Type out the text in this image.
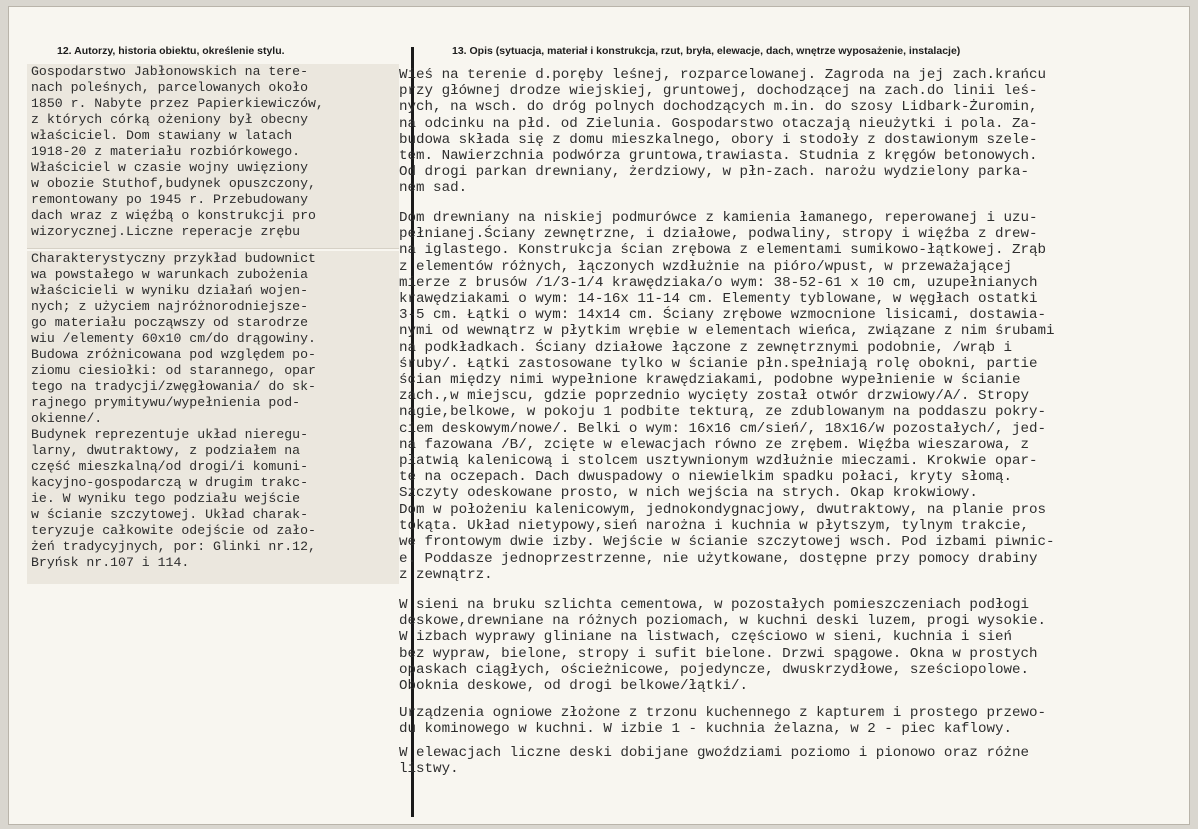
12. Autorzy, historia obiektu, określenie stylu.	13. Opis (sytuacja, materiał i konstrukcja, rzut, bryła, elewacje, dach, wnętrze wyposażenie, instalacje)

Gospodarstwo Jabłonowskich na tere-
nach poleśnych, parcelowanych około
1850 r. Nabyte przez Papierkiewiczów,
z których córką ożeniony był obecny
właściciel. Dom stawiany w latach
1918-20 z materiału rozbiórkowego.
Właściciel w czasie wojny uwięziony
w obozie Stuthof,budynek opuszczony,
remontowany po 1945 r. Przebudowany
dach wraz z więźbą o konstrukcji pro
wizorycznej.Liczne reperacje zrębu

Charakterystyczny przykład budownict
wa powstałego w warunkach zubożenia
właścicieli w wyniku działań wojen-
nych; z użyciem najróżnorodniejsze-
go materiału począwszy od starodrze
wiu /elementy 60x10 cm/do drągowiny.
Budowa zróżnicowana pod względem po-
ziomu ciesiołki: od starannego, opar
tego na tradycji/zwęgłowania/ do sk-
rajnego prymitywu/wypełnienia pod-
okienne/.
Budynek reprezentuje układ nieregu-
larny, dwutraktowy, z podziałem na
część mieszkalną/od drogi/i komuni-
kacyjno-gospodarczą w drugim trakc-
ie. W wyniku tego podziału wejście
w ścianie szczytowej. Układ charak-
teryzuje całkowite odejście od zało-
żeń tradycyjnych, por: Glinki nr.12,
Bryńsk nr.107 i 114.

Wieś na terenie d.poręby leśnej, rozparcelowanej. Zagroda na jej zach.krańcu
przy głównej drodze wiejskiej, gruntowej, dochodzącej na zach.do linii leś-
nych, na wsch. do dróg polnych dochodzących m.in. do szosy Lidbark-Żuromin,
na odcinku na płd. od Zielunia. Gospodarstwo otaczają nieużytki i pola. Za-
budowa składa się z domu mieszkalnego, obory i stodoły z dostawionym szele-
tem. Nawierzchnia podwórza gruntowa,trawiasta. Studnia z kręgów betonowych.
Od drogi parkan drewniany, żerdziowy, w płn-zach. narożu wydzielony parka-
nem sad.

Dom drewniany na niskiej podmurówce z kamienia łamanego, reperowanej i uzu-
pełnianej.Ściany zewnętrzne, i działowe, podwaliny, stropy i więźba z drew-
na iglastego. Konstrukcja ścian zrębowa z elementami sumikowo-łątkowej. Zrąb
z elementów różnych, łączonych wzdłużnie na pióro/wpust, w przeważającej
mierze z brusów /1/3-1/4 krawędziaka/o wym: 38-52-61 x 10 cm, uzupełnianych
krawędziakami o wym: 14-16x 11-14 cm. Elementy tyblowane, w węgłach ostatki
3-5 cm. Łątki o wym: 14x14 cm. Ściany zrębowe wzmocnione lisicami, dostawia-
nymi od wewnątrz w płytkim wrębie w elementach wieńca, związane z nim śrubami
na podkładkach. Ściany działowe łączone z zewnętrznymi podobnie, /wrąb i
śruby/. Łątki zastosowane tylko w ścianie płn.spełniają rolę obokni, partie
ścian między nimi wypełnione krawędziakami, podobne wypełnienie w ścianie
zach.,w miejscu, gdzie poprzednio wycięty został otwór drzwiowy/A/. Stropy
nagie,belkowe, w pokoju 1 podbite tekturą, ze zdublowanym na poddaszu pokry-
ciem deskowym/nowe/. Belki o wym: 16x16 cm/sień/, 18x16/w pozostałych/, jed-
na fazowana /B/, zcięte w elewacjach równo ze zrębem. Więźba wieszarowa, z
płatwią kalenicową i stolcem usztywnionym wzdłużnie mieczami. Krokwie opar-
te na oczepach. Dach dwuspadowy o niewielkim spadku połaci, kryty słomą.
Szczyty odeskowane prosto, w nich wejścia na strych. Okap krokwiowy.

Dom w położeniu kalenicowym, jednokondygnacjowy, dwutraktowy, na planie pros
tokąta. Układ nietypowy,sień narożna i kuchnia w płytszym, tylnym trakcie,
we frontowym dwie izby. Wejście w ścianie szczytowej wsch. Pod izbami piwnic-
e. Poddasze jednoprzestrzenne, nie użytkowane, dostępne przy pomocy drabiny
z zewnątrz.

W sieni na bruku szlichta cementowa, w pozostałych pomieszczeniach podłogi
deskowe,drewniane na różnych poziomach, w kuchni deski luzem, progi wysokie.
W izbach wyprawy gliniane na listwach, częściowo w sieni, kuchnia i sień
bez wypraw, bielone, stropy i sufit bielone. Drzwi spągowe. Okna w prostych
opaskach ciągłych, ościeżnicowe, pojedyncze, dwuskrzydłowe, sześciopolowe.
Oboknia deskowe, od drogi belkowe/łątki/.

Urządzenia ogniowe złożone z trzonu kuchennego z kapturem i prostego przewo-
du kominowego w kuchni. W izbie 1 - kuchnia żelazna, w 2 - piec kaflowy.

W elewacjach liczne deski dobijane gwoździami poziomo i pionowo oraz różne
listwy.
